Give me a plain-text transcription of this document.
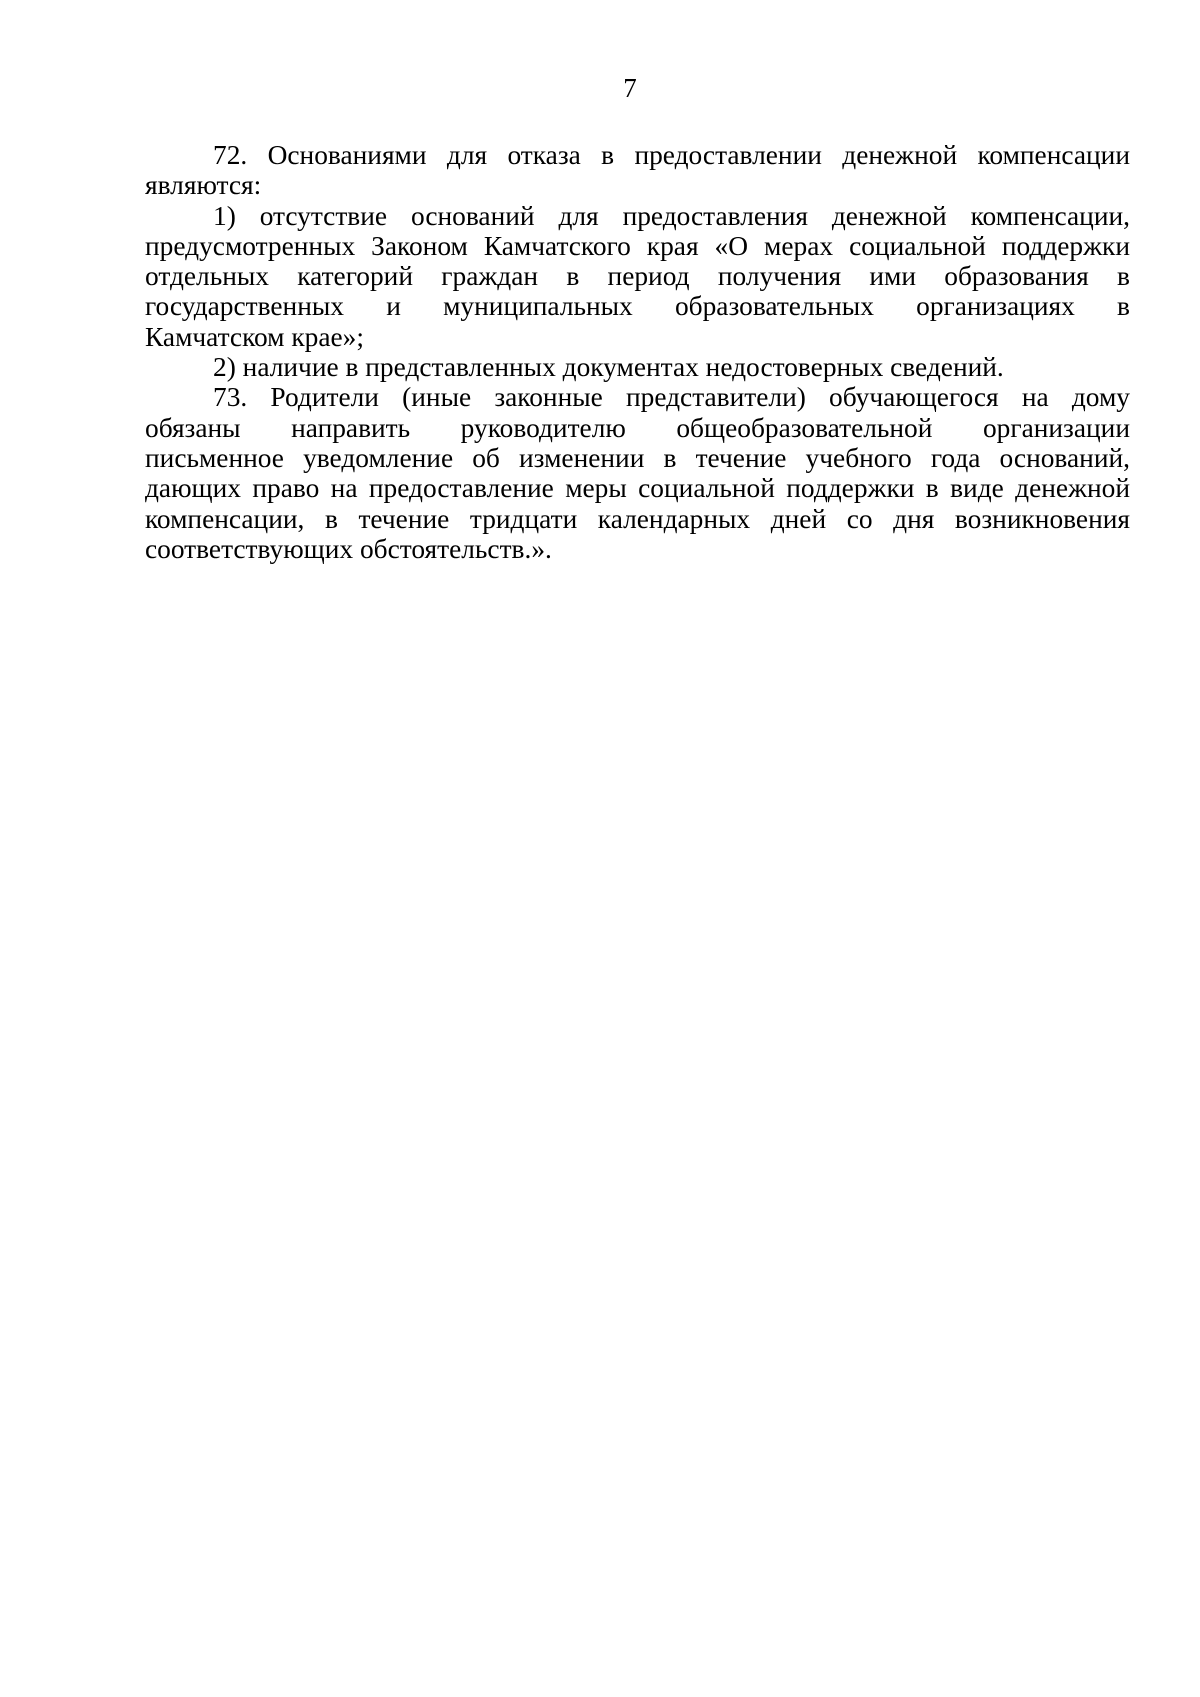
7
72. Основаниями для отказа в предоставлении денежной компенсации
являются:
1) отсутствие оснований для предоставления денежной компенсации,
предусмотренных Законом Камчатского края «О мерах социальной поддержки
отдельных категорий граждан в период получения ими образования в
государственных и муниципальных образовательных организациях в
Камчатском крае»;
2) наличие в представленных документах недостоверных сведений.
73. Родители (иные законные представители) обучающегося на дому
обязаны направить руководителю общеобразовательной организации
письменное уведомление об изменении в течение учебного года оснований,
дающих право на предоставление меры социальной поддержки в виде денежной
компенсации, в течение тридцати календарных дней со дня возникновения
соответствующих обстоятельств.».
